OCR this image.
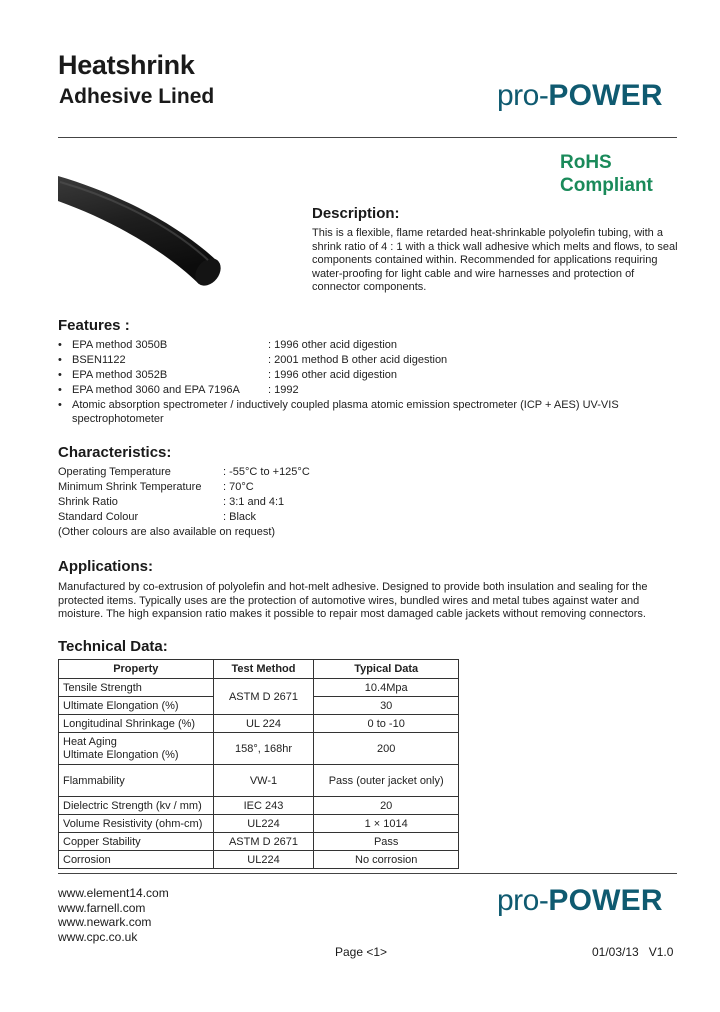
Heatshrink
Adhesive Lined	pro-POWER
RoHS
Compliant
Description:
This is a flexible, flame retarded heat-shrinkable polyolefin tubing, with a shrink ratio of 4 : 1 with a thick wall adhesive which melts and flows, to seal components contained within. Recommended for applications requiring water-proofing for light cable and wire harnesses and protection of connector components.
Features :
• EPA method 3050B	: 1996 other acid digestion
• BSEN1122	: 2001 method B other acid digestion
• EPA method 3052B	: 1996 other acid digestion
• EPA method 3060 and EPA 7196A	: 1992
• Atomic absorption spectrometer / inductively coupled plasma atomic emission spectrometer (ICP + AES) UV-VIS spectrophotometer
Characteristics:
Operating Temperature	: -55°C to +125°C
Minimum Shrink Temperature : 70°C
Shrink Ratio	: 3:1 and 4:1
Standard Colour	: Black
(Other colours are also available on request)
Applications:
Manufactured by co-extrusion of polyolefin and hot-melt adhesive. Designed to provide both insulation and sealing for the protected items. Typically uses are the protection of automotive wires, bundled wires and metal tubes against water and moisture. The high expansion ratio makes it possible to repair most damaged cable jackets without removing connectors.
Technical Data:
Property	Test Method	Typical Data
Tensile Strength	ASTM D 2671	10.4Mpa
Ultimate Elongation (%)		30
Longitudinal Shrinkage (%)	UL 224	0 to -10

Heat Aging
Ultimate Elongation (%)	158°, 168hr	200
Flammability	VW-1	Pass (outer jacket only)
Dielectric Strength (kv / mm)	IEC 243	20
Volume Resistivity (ohm-cm)	UL224	1 × 1014
Copper Stability	ASTM D 2671	Pass
Corrosion	UL224	No corrosion
www.element14.com
www.farnell.com
www.newark.com
www.cpc.co.uk
pro-POWER
Page <1>	01/03/13 V1.0
